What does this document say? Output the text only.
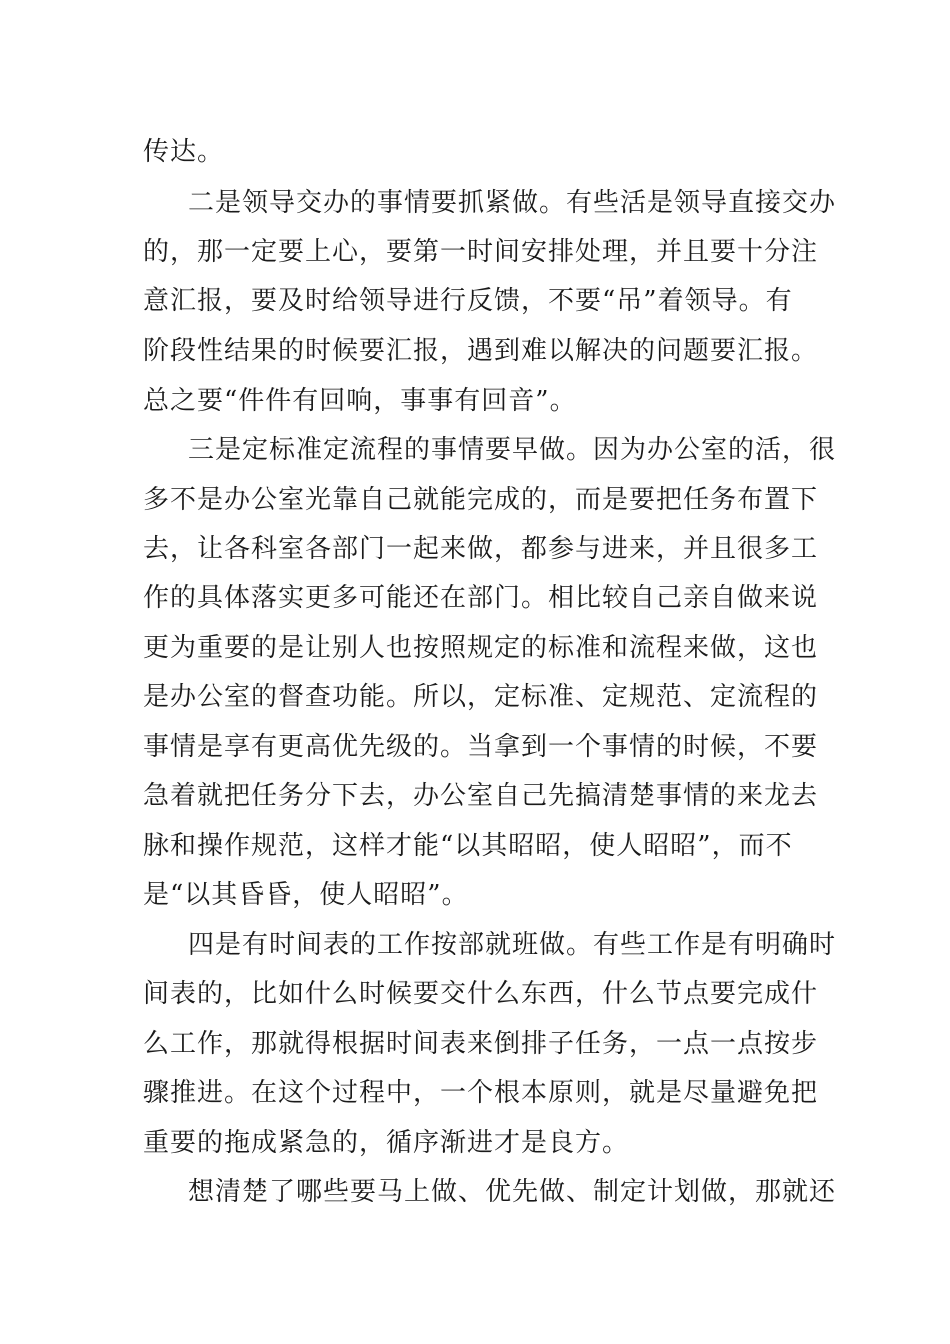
传达。

二是领导交办的事情要抓紧做。有些活是领导直接交办

的，那一定要上心，要第一时间安排处理，并且要十分注

意汇报，要及时给领导进行反馈，不要“吊”着领导。有

阶段性结果的时候要汇报，遇到难以解决的问题要汇报。

总之要“件件有回响，事事有回音”。

三是定标准定流程的事情要早做。因为办公室的活，很

多不是办公室光靠自己就能完成的，而是要把任务布置下

去，让各科室各部门一起来做，都参与进来，并且很多工

作的具体落实更多可能还在部门。相比较自己亲自做来说

更为重要的是让别人也按照规定的标准和流程来做，这也

是办公室的督查功能。所以，定标准、定规范、定流程的

事情是享有更高优先级的。当拿到一个事情的时候，不要

急着就把任务分下去，办公室自己先搞清楚事情的来龙去

脉和操作规范，这样才能“以其昭昭，使人昭昭”，而不

是“以其昏昏，使人昭昭”。

四是有时间表的工作按部就班做。有些工作是有明确时

间表的，比如什么时候要交什么东西，什么节点要完成什

么工作，那就得根据时间表来倒排子任务，一点一点按步

骤推进。在这个过程中，一个根本原则，就是尽量避免把

重要的拖成紧急的，循序渐进才是良方。

想清楚了哪些要马上做、优先做、制定计划做，那就还
